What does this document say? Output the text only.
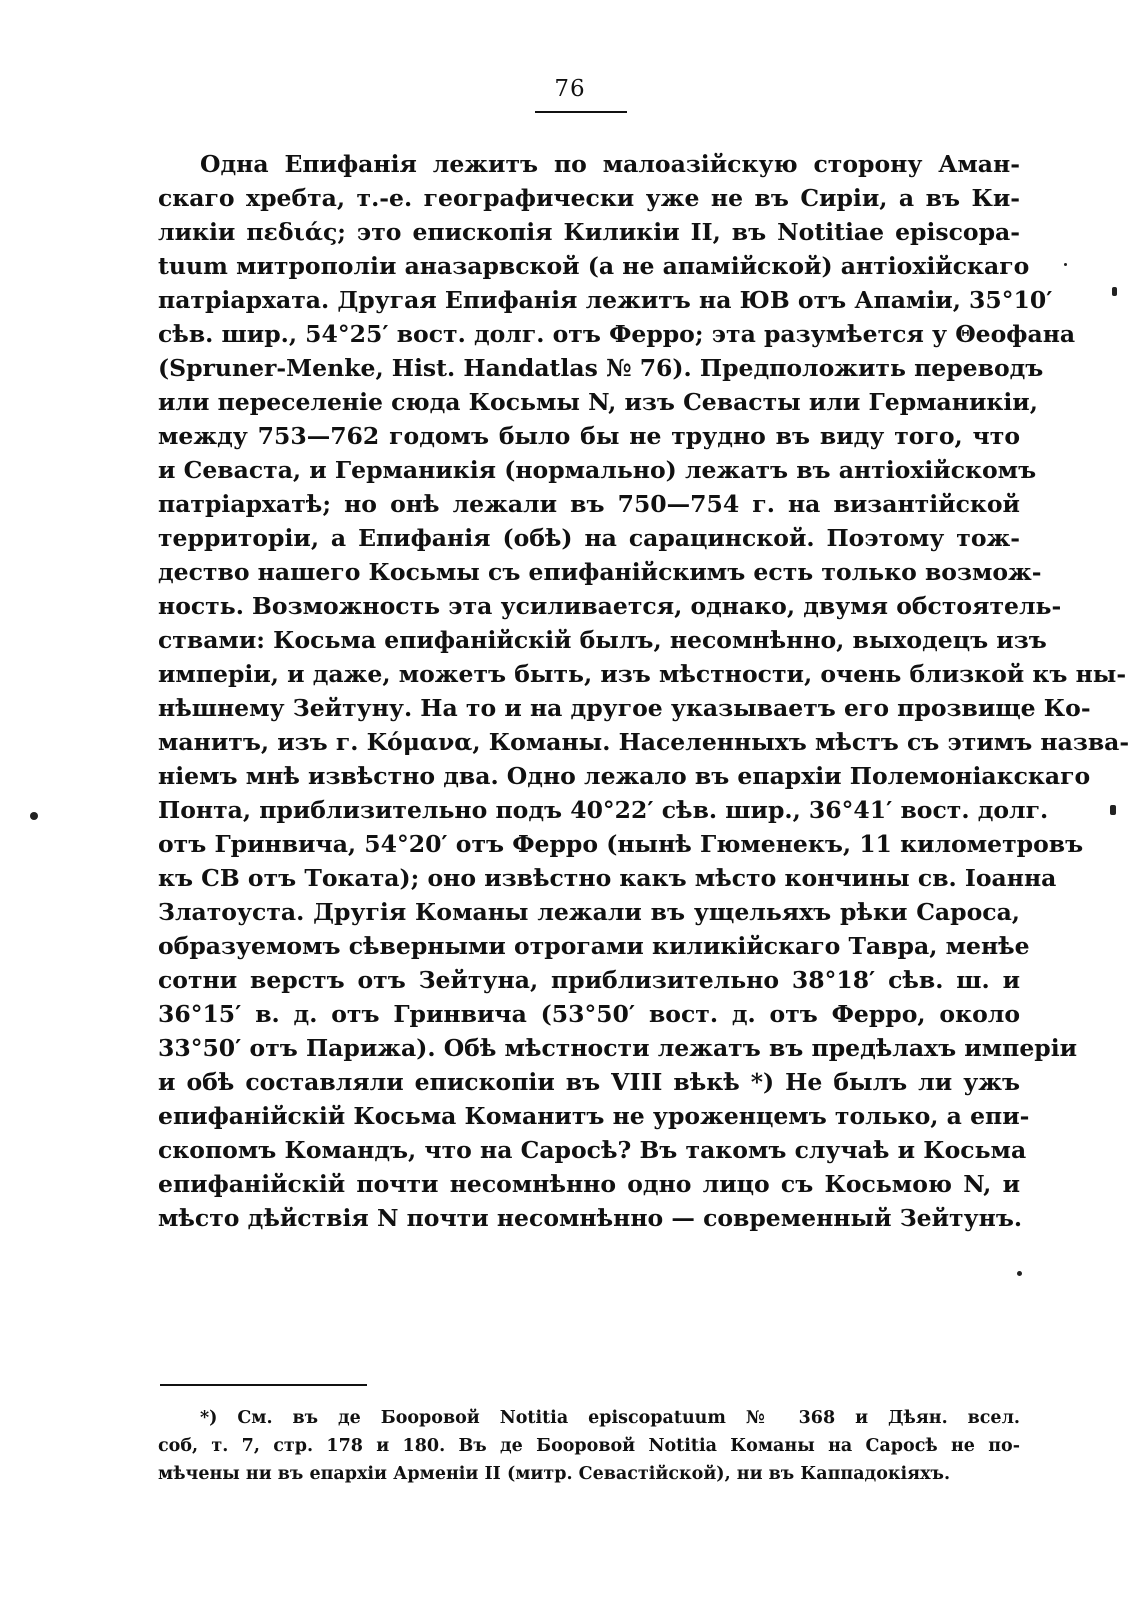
76
Одна Епифанія лежитъ по малоазійскую сторону Аман-
скаго хребта, т.-е. географически уже не въ Сиріи, а въ Ки-
ликіи πεδιάς; это епископія Киликіи II, въ Notitiae episcopa-
tuum митрополіи аназарвской (а не апамійской) антіохійскаго
патріархата. Другая Епифанія лежитъ на ЮВ отъ Апаміи, 35°10′
сѣв. шир., 54°25′ вост. долг. отъ Ферро; эта разумѣется у Θеофана
(Spruner-Menke, Hist. Handatlas № 76). Предположить переводъ
или переселеніе сюда Косьмы N, изъ Севасты или Германикіи,
между 753—762 годомъ было бы не трудно въ виду того, что
и Севаста, и Германикія (нормально) лежатъ въ антіохійскомъ
патріархатѣ; но онѣ лежали въ 750—754 г. на византійской
территоріи, а Епифанія (обѣ) на сарацинской. Поэтому тож-
дество нашего Косьмы съ епифанійскимъ есть только возмож-
ность. Возможность эта усиливается, однако, двумя обстоятель-
ствами: Косьма епифанійскій былъ, несомнѣнно, выходецъ изъ
имперіи, и даже, можетъ быть, изъ мѣстности, очень близкой къ ны-
нѣшнему Зейтуну. На то и на другое указываетъ его прозвище Ко-
манитъ, изъ г. Κόμανα, Команы. Населенныхъ мѣстъ съ этимъ назва-
ніемъ мнѣ извѣстно два. Одно лежало въ епархіи Полемоніакскаго
Понта, приблизительно подъ 40°22′ сѣв. шир., 36°41′ вост. долг.
отъ Гринвича, 54°20′ отъ Ферро (нынѣ Гюменекъ, 11 километровъ
къ СВ отъ Токата); оно извѣстно какъ мѣсто кончины св. Іоанна
Златоуста. Другія Команы лежали въ ущельяхъ рѣки Сароса,
образуемомъ сѣверными отрогами киликійскаго Тавра, менѣе
сотни верстъ отъ Зейтуна, приблизительно 38°18′ сѣв. ш. и
36°15′ в. д. отъ Гринвича (53°50′ вост. д. отъ Ферро, около
33°50′ отъ Парижа). Обѣ мѣстности лежатъ въ предѣлахъ имперіи
и обѣ составляли епископіи въ VIII вѣкѣ *) Не былъ ли ужъ
епифанійскій Косьма Команитъ не уроженцемъ только, а епи-
скопомъ Командъ, что на Саросѣ? Въ такомъ случаѣ и Косьма
епифанійскій почти несомнѣнно одно лицо съ Косьмою N, и
мѣсто дѣйствія N почти несомнѣнно — современный Зейтунъ.
*) См. въ де Бооровой Notitia episcopatuum № 368 и Дѣян. всел.
соб, т. 7, стр. 178 и 180. Въ де Бооровой Notitia Команы на Саросѣ не по-
мѣчены ни въ епархіи Арменіи II (митр. Севастійской), ни въ Каппадокіяхъ.
